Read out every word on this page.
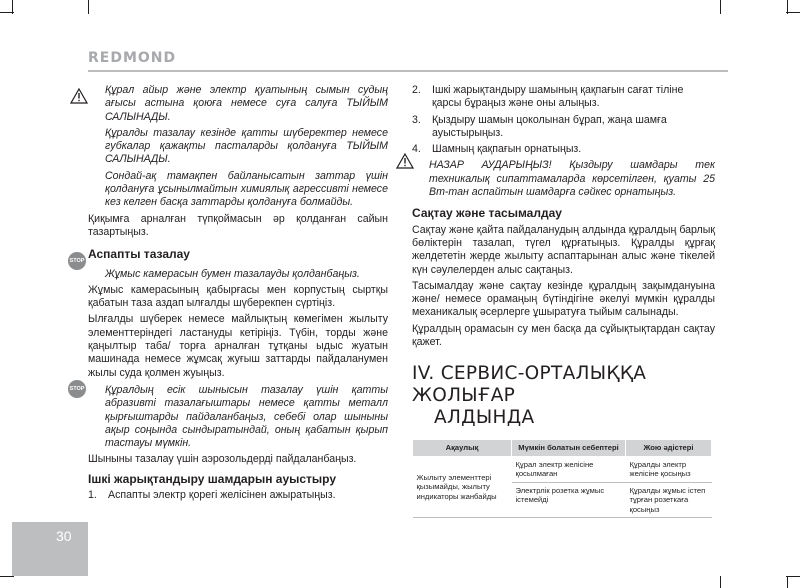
REDMOND

Құрал айыр және электр қуатының сымын судың ағысы астына қоюға немесе суға салуға ТЫЙЫМ САЛЫНАДЫ.

Құралды тазалау кезінде қатты шүберектер немесе губкалар қажақты пасталарды қолдануға ТЫЙЫМ САЛЫНАДЫ.

Сондай-ақ тамақпен байланысатын заттар үшін қолдануға ұсынылмайтын химиялық агрессивті немесе кез келген басқа заттарды қолдануға болмайды.

Қиқымға арналған түпқоймасын әр қолданған сайын тазартыңыз.

Аспапты тазалау

Жұмыс камерасын бумен тазалауды қолданбаңыз.

Жұмыс камерасының қабырғасы мен корпустың сыртқы қабатын таза аздап ылғалды шүберекпен сүртіңіз.

Ылғалды шүберек немесе майлықтың көмегімен жылыту элементтеріндегі ластануды кетіріңіз. Түбін, торды және қаңылтыр таба/ торға арналған тұтқаны ыдыс жуатын машинада немесе жұмсақ жуғыш заттарды пайдаланумен жылы суда қолмен жуыңыз.

Құралдың есік шынысын тазалау үшін қатты абразивті тазалағыштары немесе қатты металл қырғыштарды пайдаланбаңыз, себебі олар шыныны ақыр соңында сындыратындай, оның қабатын қырып тастауы мүмкін.

Шыныны тазалау үшін аэрозольдерді пайдаланбаңыз.

Ішкі жарықтандыру шамдарын ауыстыру
1. Аспапты электр қорегі желісінен ажыратыңыз.
STOP
STOP
2. Ішкі жарықтандыру шамының қақпағын сағат тіліне қарсы бұраңыз және оны алыңыз.
3. Қыздыру шамын цоколынан бұрап, жаңа шамға ауыстырыңыз.
4. Шамның қақпағын орнатыңыз.

НАЗАР АУДАРЫҢЫЗ! Қыздыру шамдары тек техникалық сипаттамаларда көрсетілген, қуаты 25 Вт-тан аспайтын шамдарға сәйкес орнатыңыз.

Сақтау және тасымалдау

Сақтау және қайта пайдаланудың алдында құралдың барлық бөліктерін тазалап, түгел құрғатыңыз. Құралды құрғақ желдететін жерде жылыту аспаптарынан алыс және тікелей күн сәулелерден алыс сақтаңыз.

Тасымалдау және сақтау кезінде құралдың зақымдануына және/ немесе орамаңың бүтіндігіне әкелуі мүмкін құралды механикалық әсерлерге ұшыратуға тыйым салынады.

Құралдың орамасын су мен басқа да сұйықтықтардан сақтау қажет.

IV. СЕРВИС-ОРТАЛЫҚҚА ЖОЛЫҒАР
АЛДЫНДА
Ақаулық	Мүмкін болатын себептері	Жою әдістері
Жылыту элементтері қызымайды, жылыту индикаторы жанбайды	Құрал электр желісіне қосылмаған	Құралды электр желісіне қосыңыз
	Электрлік розетка жұмыс істемейді	Құралды жұмыс істеп тұрған розеткаға қосыңыз
30
